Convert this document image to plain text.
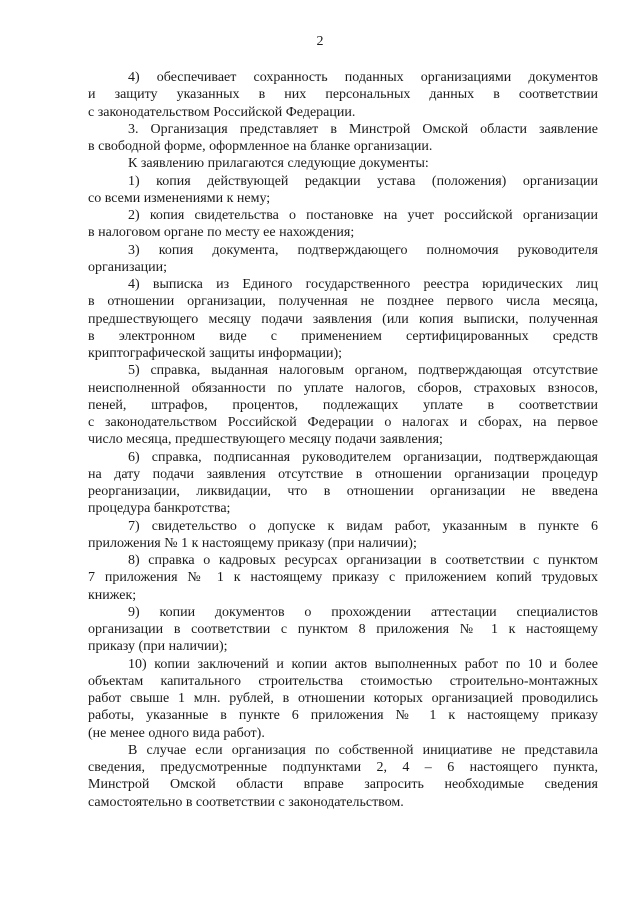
2

4) обеспечивает сохранность поданных организациями документов
и защиту указанных в них персональных данных в соответствии
с законодательством Российской Федерации.

3. Организация представляет в Минстрой Омской области заявление
в свободной форме, оформленное на бланке организации.

К заявлению прилагаются следующие документы:

1) копия действующей редакции устава (положения) организации
со всеми изменениями к нему;

2) копия свидетельства о постановке на учет российской организации
в налоговом органе по месту ее нахождения;

3) копия документа, подтверждающего полномочия руководителя
организации;

4) выписка из Единого государственного реестра юридических лиц
в отношении организации, полученная не позднее первого числа месяца,
предшествующего месяцу подачи заявления (или копия выписки, полученная
в электронном виде с применением сертифицированных средств
криптографической защиты информации);

5) справка, выданная налоговым органом, подтверждающая отсутствие
неисполненной обязанности по уплате налогов, сборов, страховых взносов,
пеней, штрафов, процентов, подлежащих уплате в соответствии
с законодательством Российской Федерации о налогах и сборах, на первое
число месяца, предшествующего месяцу подачи заявления;

6) справка, подписанная руководителем организации, подтверждающая
на дату подачи заявления отсутствие в отношении организации процедур
реорганизации, ликвидации, что в отношении организации не введена
процедура банкротства;

7) свидетельство о допуске к видам работ, указанным в пункте 6
приложения № 1 к настоящему приказу (при наличии);

8) справка о кадровых ресурсах организации в соответствии с пунктом
7 приложения № 1 к настоящему приказу с приложением копий трудовых
книжек;

9) копии документов о прохождении аттестации специалистов
организации в соответствии с пунктом 8 приложения № 1 к настоящему
приказу (при наличии);

10) копии заключений и копии актов выполненных работ по 10 и более
объектам капитального строительства стоимостью строительно-монтажных
работ свыше 1 млн. рублей, в отношении которых организацией проводились
работы, указанные в пункте 6 приложения № 1 к настоящему приказу
(не менее одного вида работ).

В случае если организация по собственной инициативе не представила
сведения, предусмотренные подпунктами 2, 4 – 6 настоящего пункта,
Минстрой Омской области вправе запросить необходимые сведения
самостоятельно в соответствии с законодательством.
